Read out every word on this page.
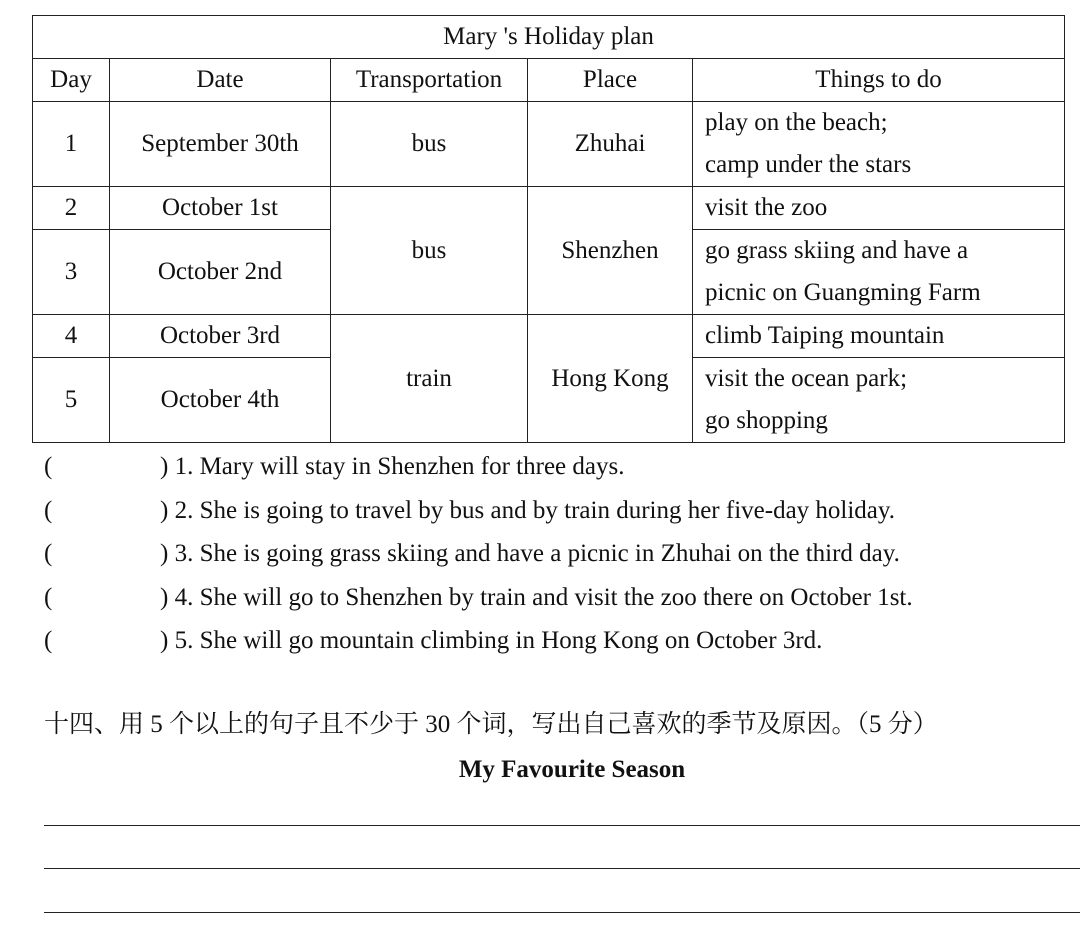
Mary 's Holiday plan				
Day	Date	Transportation	Place	Things to do
1	September 30th	bus	Zhuhai	play on the beach;
camp under the stars

2	October 1st	bus	Shenzhen	visit the zoo

3	October 2nd			go grass skiing and have a
picnic on Guangming Farm

4	October 3rd	train	Hong Kong	climb Taiping mountain

5	October 4th			visit the ocean park;
go shopping
(	) 1. Mary will stay in Shenzhen for three days.
(	) 2. She is going to travel by bus and by train during her five-day holiday.
(	) 3. She is going grass skiing and have a picnic in Zhuhai on the third day.
(	) 4. She will go to Shenzhen by train and visit the zoo there on October 1st.
(	) 5. She will go mountain climbing in Hong Kong on October 3rd.
十四、用 5 个以上的句子且不少于 30 个词，写出自己喜欢的季节及原因。（5 分）
My Favourite Season
